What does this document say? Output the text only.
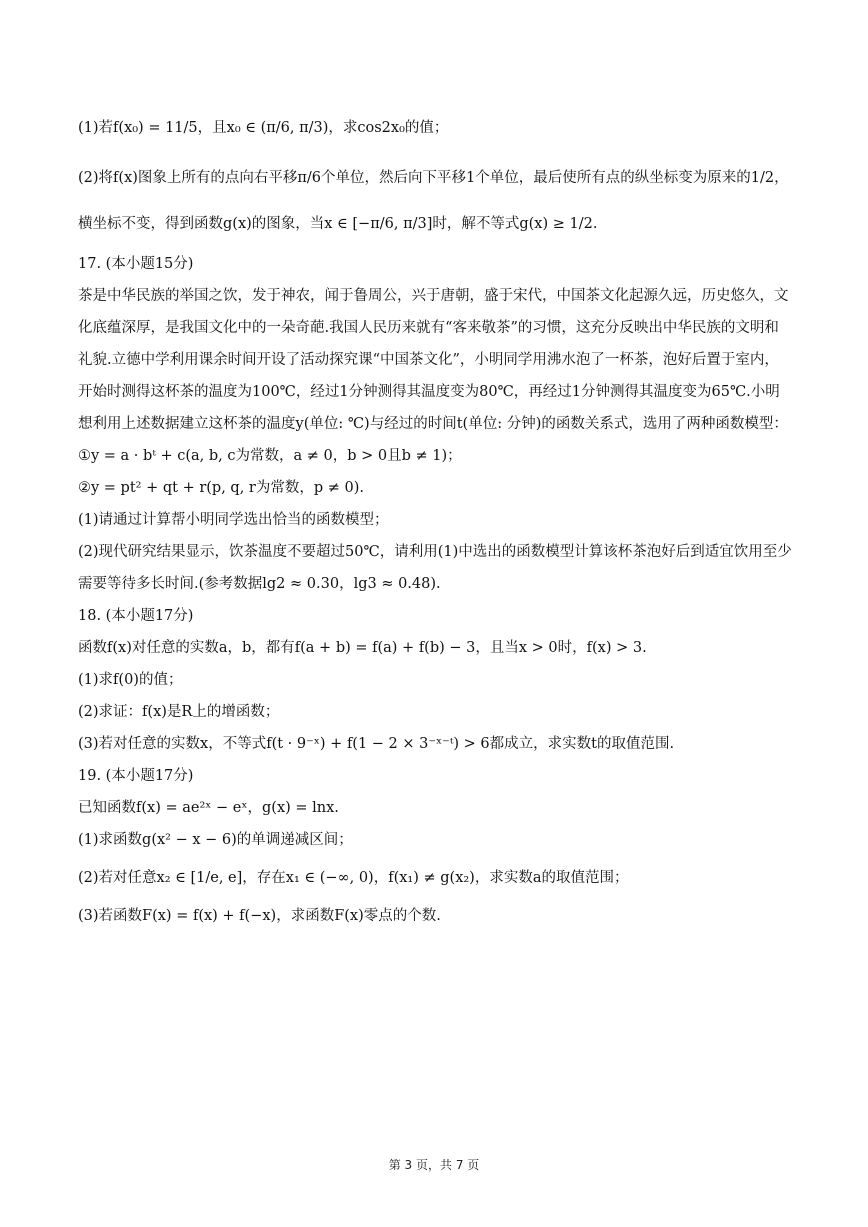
(1)若f(x₀) = 11/5，且x₀ ∈ (π/6, π/3)，求cos2x₀的值；
(2)将f(x)图象上所有的点向右平移π/6个单位，然后向下平移1个单位，最后使所有点的纵坐标变为原来的1/2，
横坐标不变，得到函数g(x)的图象，当x ∈ [−π/6, π/3]时，解不等式g(x) ≥ 1/2.
17. (本小题15分)

茶是中华民族的举国之饮，发于神农，闻于鲁周公，兴于唐朝，盛于宋代，中国茶文化起源久远，历史悠久，文化底蕴深厚，是我国文化中的一朵奇葩.我国人民历来就有“客来敬茶”的习惯，这充分反映出中华民族的文明和礼貌.立德中学利用课余时间开设了活动探究课“中国茶文化”，小明同学用沸水泡了一杯茶，泡好后置于室内，开始时测得这杯茶的温度为100℃，经过1分钟测得其温度变为80℃，再经过1分钟测得其温度变为65℃.小明想利用上述数据建立这杯茶的温度y(单位: ℃)与经过的时间t(单位: 分钟)的函数关系式，选用了两种函数模型：

①y = a · bᵗ + c(a, b, c为常数，a ≠ 0，b > 0且b ≠ 1)；
②y = pt² + qt + r(p, q, r为常数，p ≠ 0).
(1)请通过计算帮小明同学选出恰当的函数模型；

(2)现代研究结果显示，饮茶温度不要超过50℃，请利用(1)中选出的函数模型计算该杯茶泡好后到适宜饮用至少需要等待多长时间.(参考数据lg2 ≈ 0.30，lg3 ≈ 0.48).

18. (本小题17分)
函数f(x)对任意的实数a，b，都有f(a + b) = f(a) + f(b) − 3，且当x > 0时，f(x) > 3.
(1)求f(0)的值；
(2)求证：f(x)是R上的增函数；
(3)若对任意的实数x，不等式f(t · 9⁻ˣ) + f(1 − 2 × 3⁻ˣ⁻ᵗ) > 6都成立，求实数t的取值范围.
19. (本小题17分)
已知函数f(x) = ae²ˣ − eˣ，g(x) = lnx.
(1)求函数g(x² − x − 6)的单调递减区间；
(2)若对任意x₂ ∈ [1/e, e]，存在x₁ ∈ (−∞, 0)，f(x₁) ≠ g(x₂)，求实数a的取值范围；
(3)若函数F(x) = f(x) + f(−x)，求函数F(x)零点的个数.
第 3 页，共 7 页
